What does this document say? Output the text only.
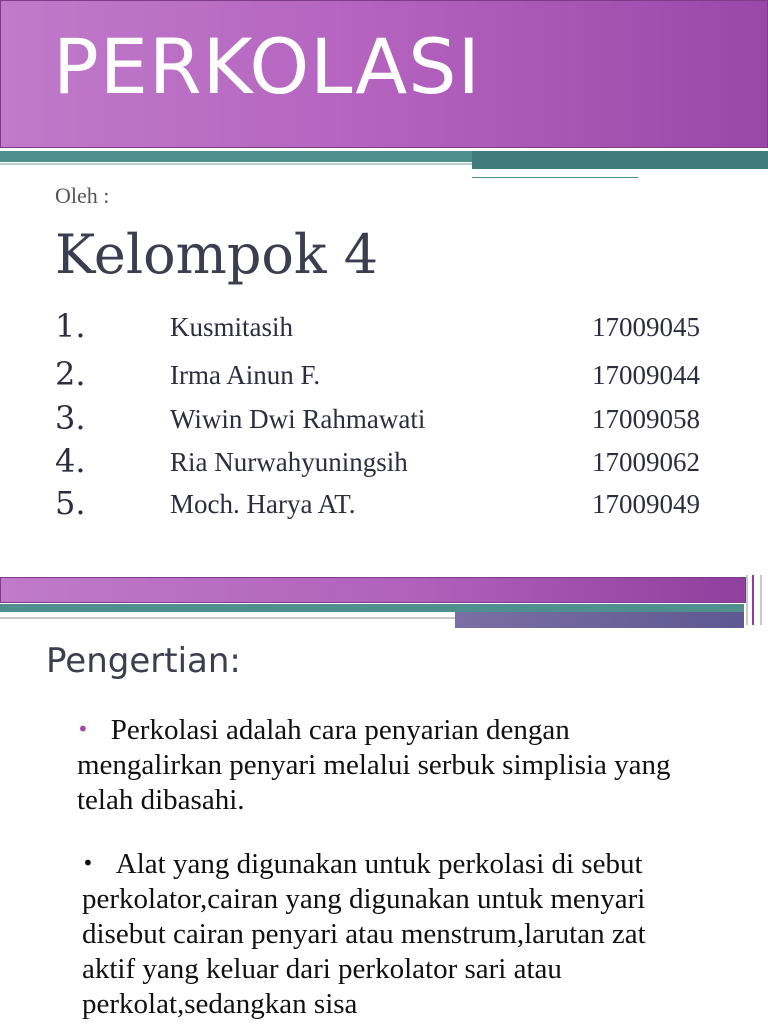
PERKOLASI
Oleh :
Kelompok 4
1.	Kusmitasih	17009045
2.	Irma Ainun F.	17009044
3.	Wiwin Dwi Rahmawati	17009058
4.	Ria Nurwahyuningsih	17009062
5.	Moch. Harya AT.	17009049
Pengertian:
• Perkolasi adalah cara penyarian dengan mengalirkan penyari melalui serbuk simplisia yang telah dibasahi.
• Alat yang digunakan untuk perkolasi di sebut perkolator,cairan yang digunakan untuk menyari disebut cairan penyari atau menstrum,larutan zat aktif yang keluar dari perkolator sari atau perkolat,sedangkan sisa
